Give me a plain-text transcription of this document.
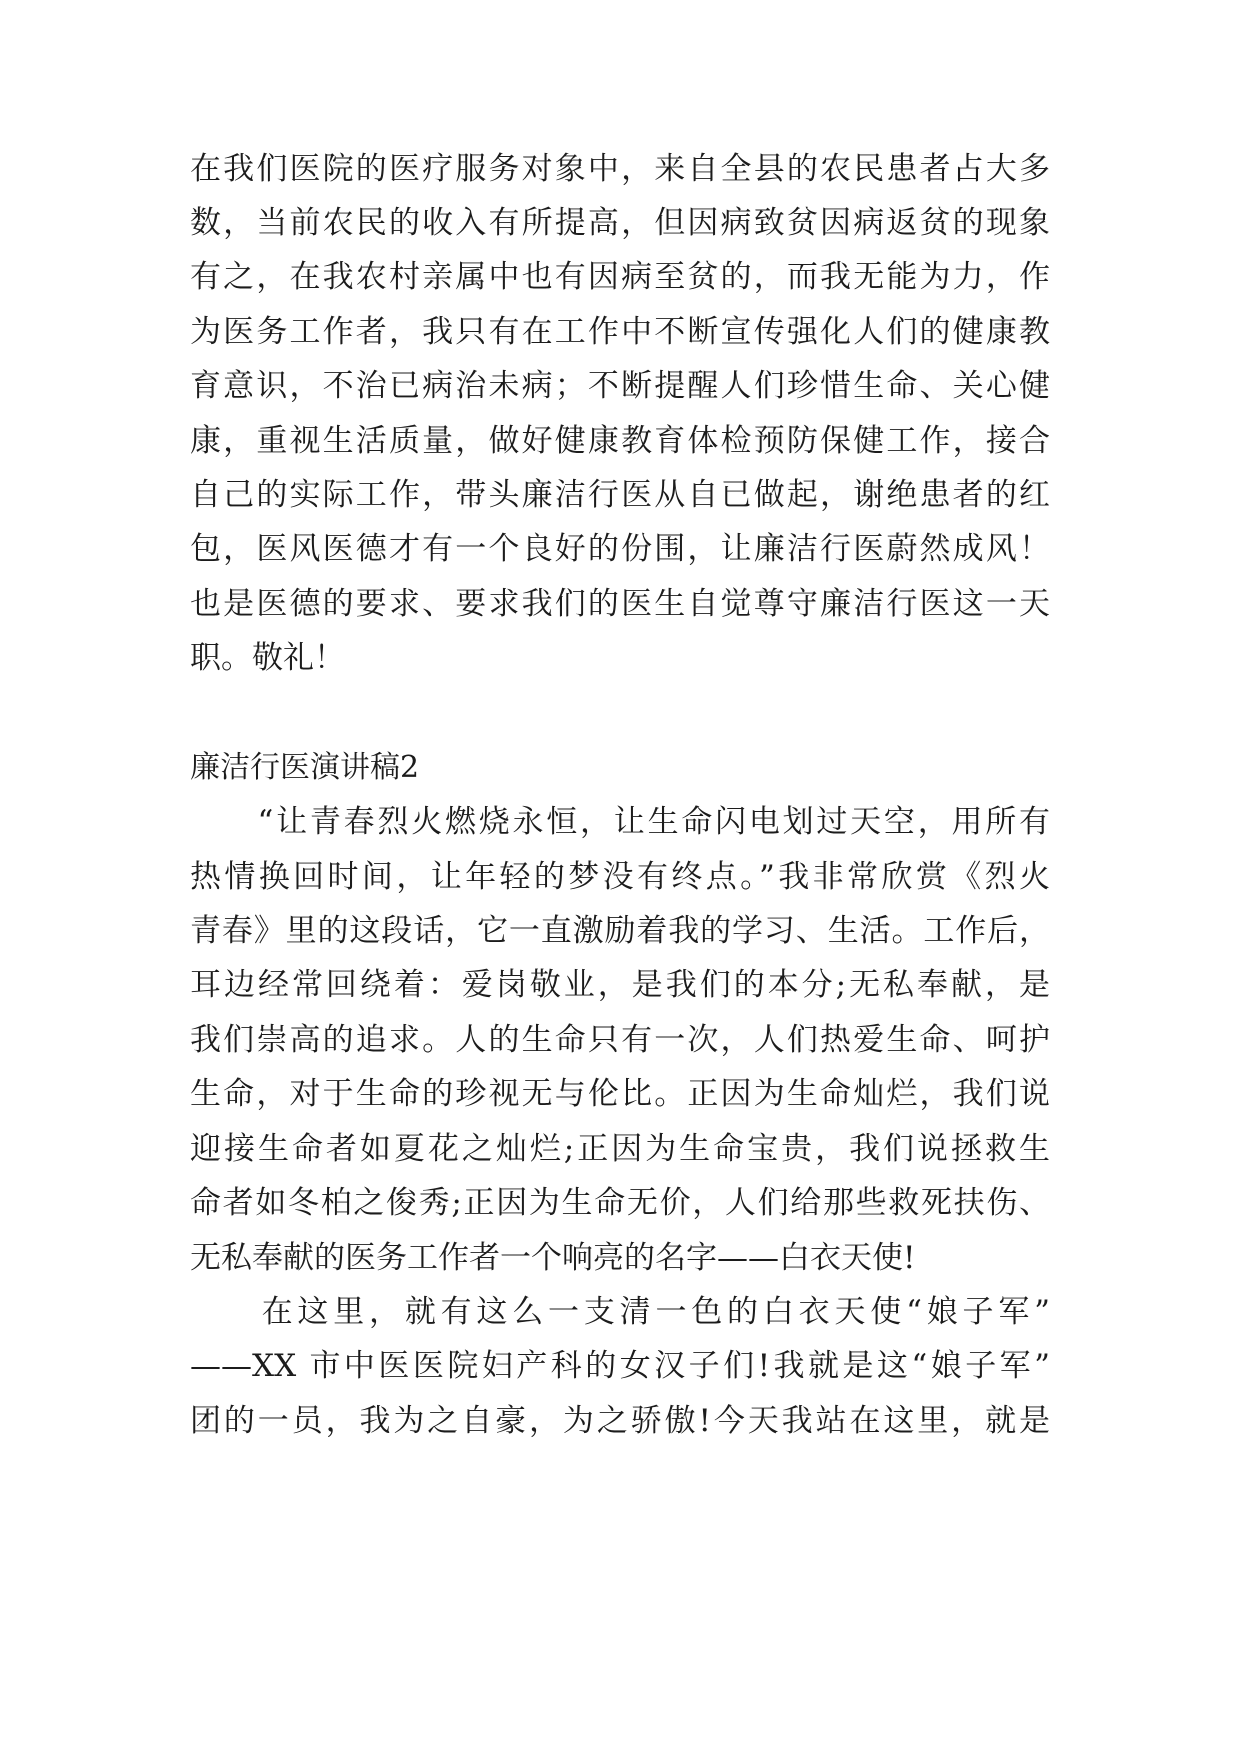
在我们医院的医疗服务对象中，来自全县的农民患者占大多
数，当前农民的收入有所提高，但因病致贫因病返贫的现象
有之，在我农村亲属中也有因病至贫的，而我无能为力，作
为医务工作者，我只有在工作中不断宣传强化人们的健康教
育意识，不治已病治未病；不断提醒人们珍惜生命、关心健
康，重视生活质量，做好健康教育体检预防保健工作，接合
自己的实际工作，带头廉洁行医从自已做起，谢绝患者的红
包，医风医德才有一个良好的份围，让廉洁行医蔚然成风！
也是医德的要求、要求我们的医生自觉尊守廉洁行医这一天
职。敬礼！
廉洁行医演讲稿2
　　“让青春烈火燃烧永恒，让生命闪电划过天空，用所有
热情换回时间，让年轻的梦没有终点。”我非常欣赏《烈火
青春》里的这段话，它一直激励着我的学习、生活。工作后，
耳边经常回绕着：爱岗敬业，是我们的本分;无私奉献，是
我们崇高的追求。人的生命只有一次，人们热爱生命、呵护
生命，对于生命的珍视无与伦比。正因为生命灿烂，我们说
迎接生命者如夏花之灿烂;正因为生命宝贵，我们说拯救生
命者如冬柏之俊秀;正因为生命无价，人们给那些救死扶伤、
无私奉献的医务工作者一个响亮的名字——白衣天使!
　　在这里，就有这么一支清一色的白衣天使“娘子军”
——XX 市中医医院妇产科的女汉子们!我就是这“娘子军”
团的一员，我为之自豪，为之骄傲!今天我站在这里，就是
